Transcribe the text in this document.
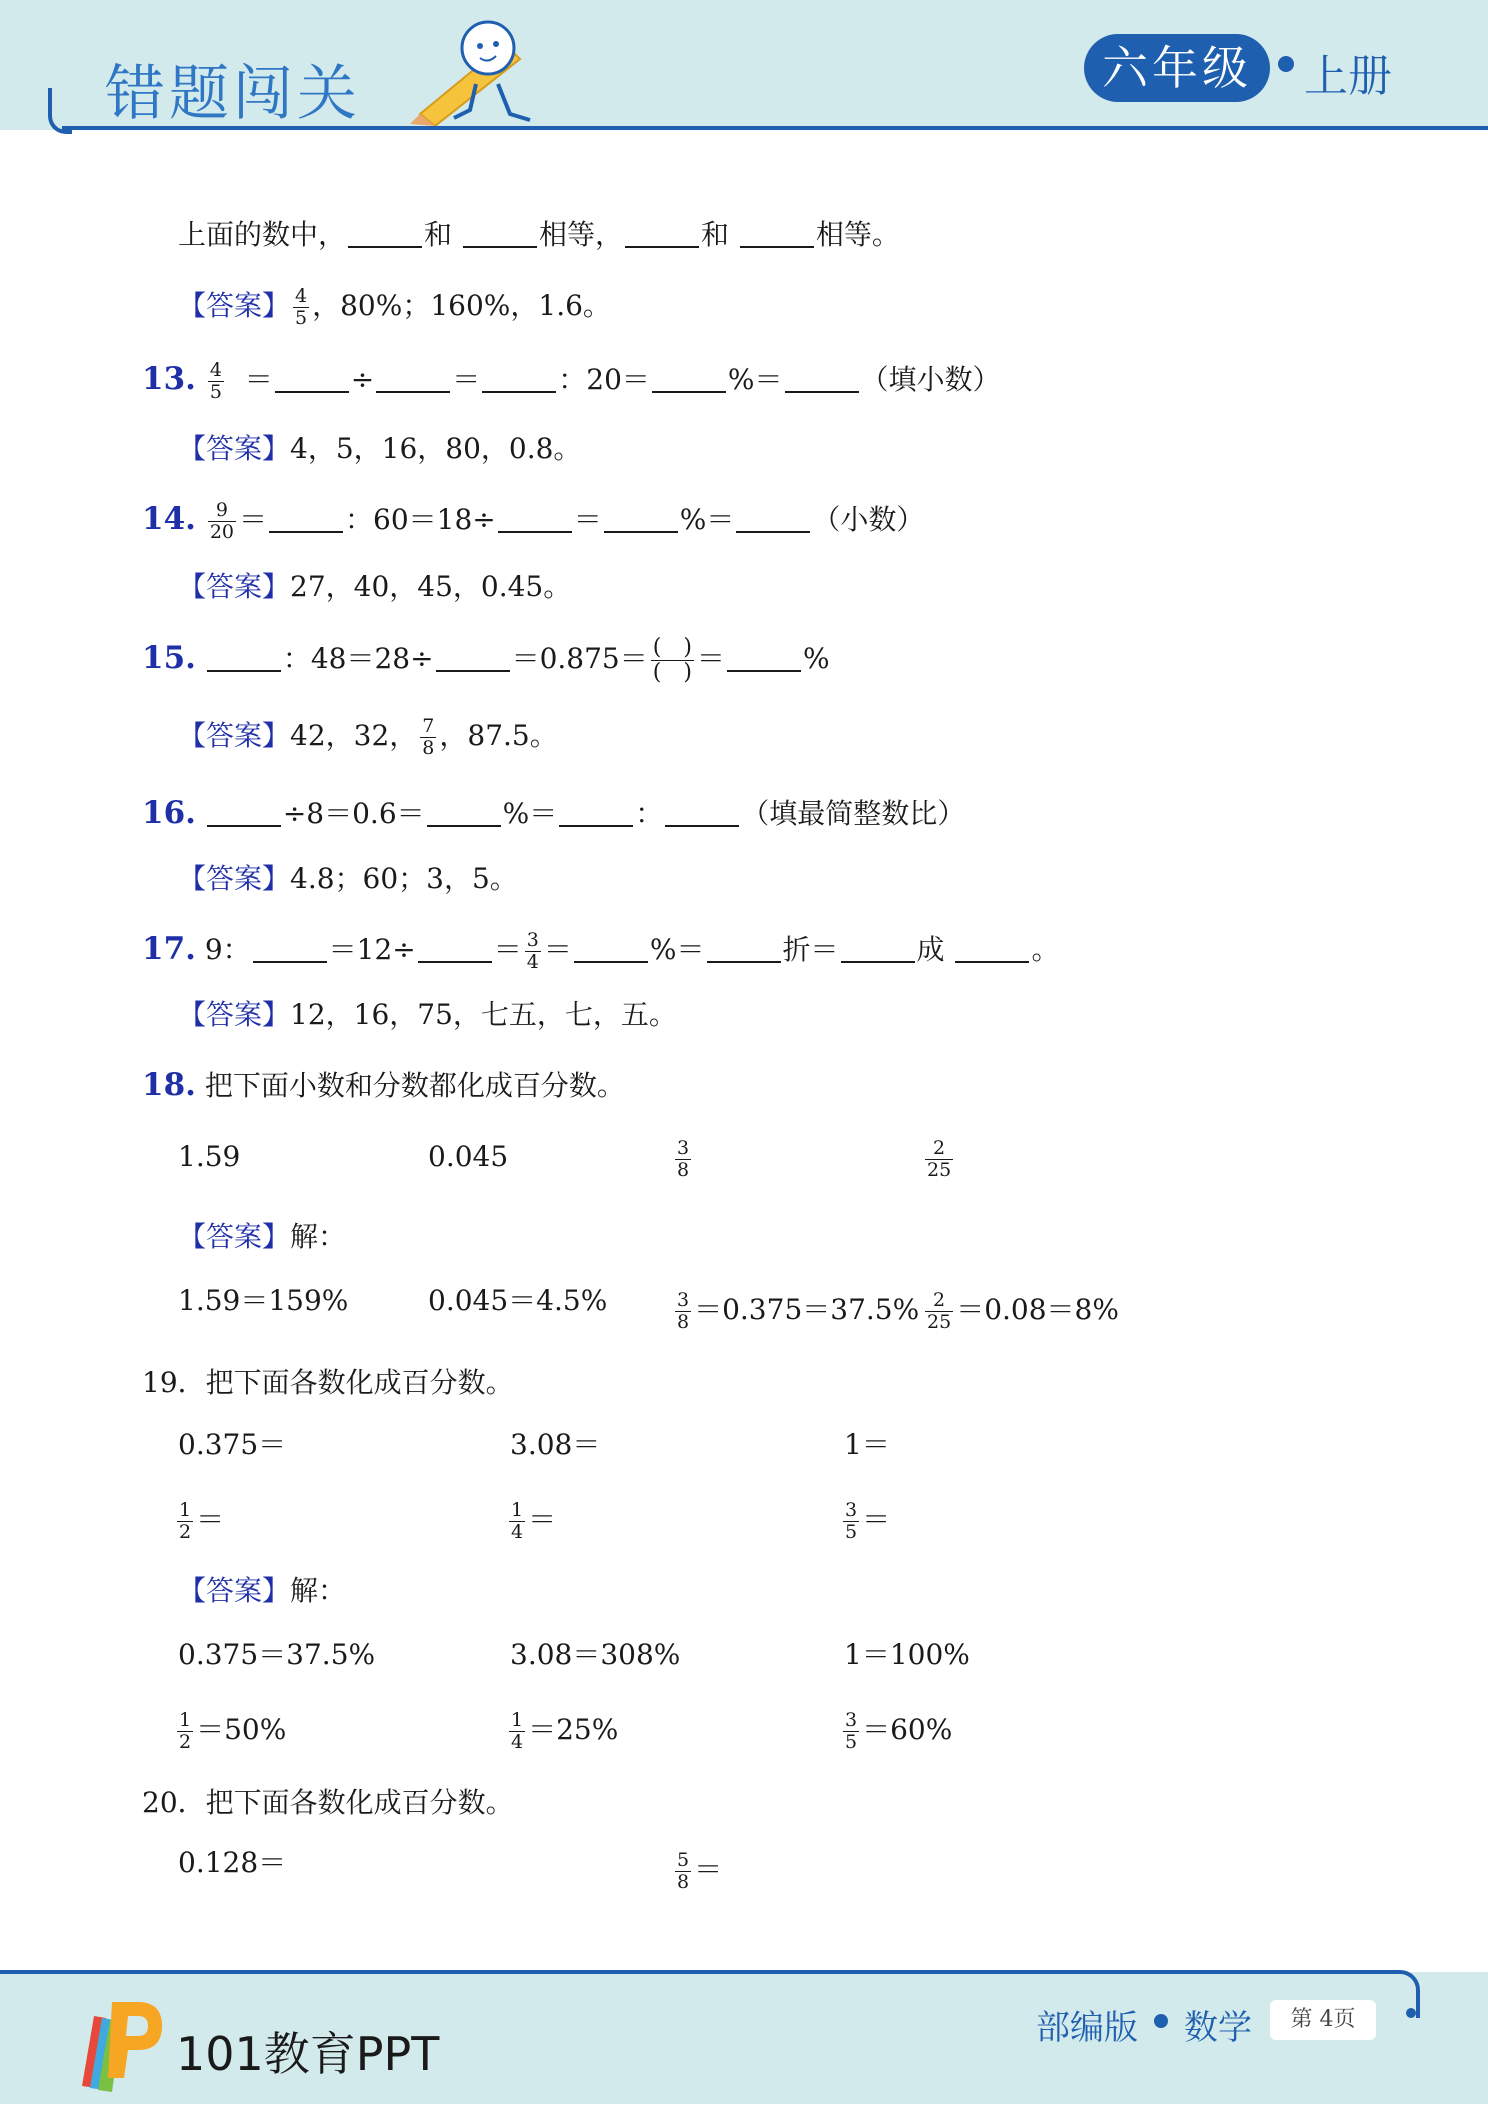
错题闯关	六年级	上册
上面的数中，	和	相等，	和	相等。
【答案】 $\frac{4}{5}$ ，80%；160%，1.6。
13. $\frac{4}{5}$ ＝	÷	＝	：20＝	%＝	（填小数）
【答案】4，5，16，80，0.8。
14. $\frac{9}{20}$ ＝	：60＝18÷	＝	%＝	（小数）
【答案】27，40，45，0.45。
15.	：48＝28÷	$=0.875= \frac{( )}{( )}$ ＝	%
【答案】42，32， $\frac{7}{8}$ ，87.5。
16.	÷8＝0.6＝	%＝	：	（填最简整数比）
【答案】4.8；60；3，5。
17. 9：	＝12÷	＝ $\frac{3}{4}$ ＝	%＝	折＝	成	。
【答案】12，16，75，七五，七，五。
18. 把下面小数和分数都化成百分数。
1.59	0.045	$\frac{3}{8}$	$\frac{2}{25}$
【答案】解：
1.59＝159%	0.045＝4.5%	$\frac{3}{8} =0.375=37.5\% \frac{2}{25} =0.08=8\%$
19．把下面各数化成百分数。
0.375＝	3.08＝	1＝
$\frac{1}{2}$ ＝	$\frac{1}{4}$ ＝	$\frac{3}{5}$ ＝
【答案】解：
0.375＝37.5%	3.08＝308%	1＝100%
$\frac{1}{2} =50\%$	$\frac{1}{4} =25\%$	$\frac{3}{5} =60\%$
20．把下面各数化成百分数。
0.128＝	$\frac{5}{8}$ ＝
101教育PPT	部编版 数学	第 4页
